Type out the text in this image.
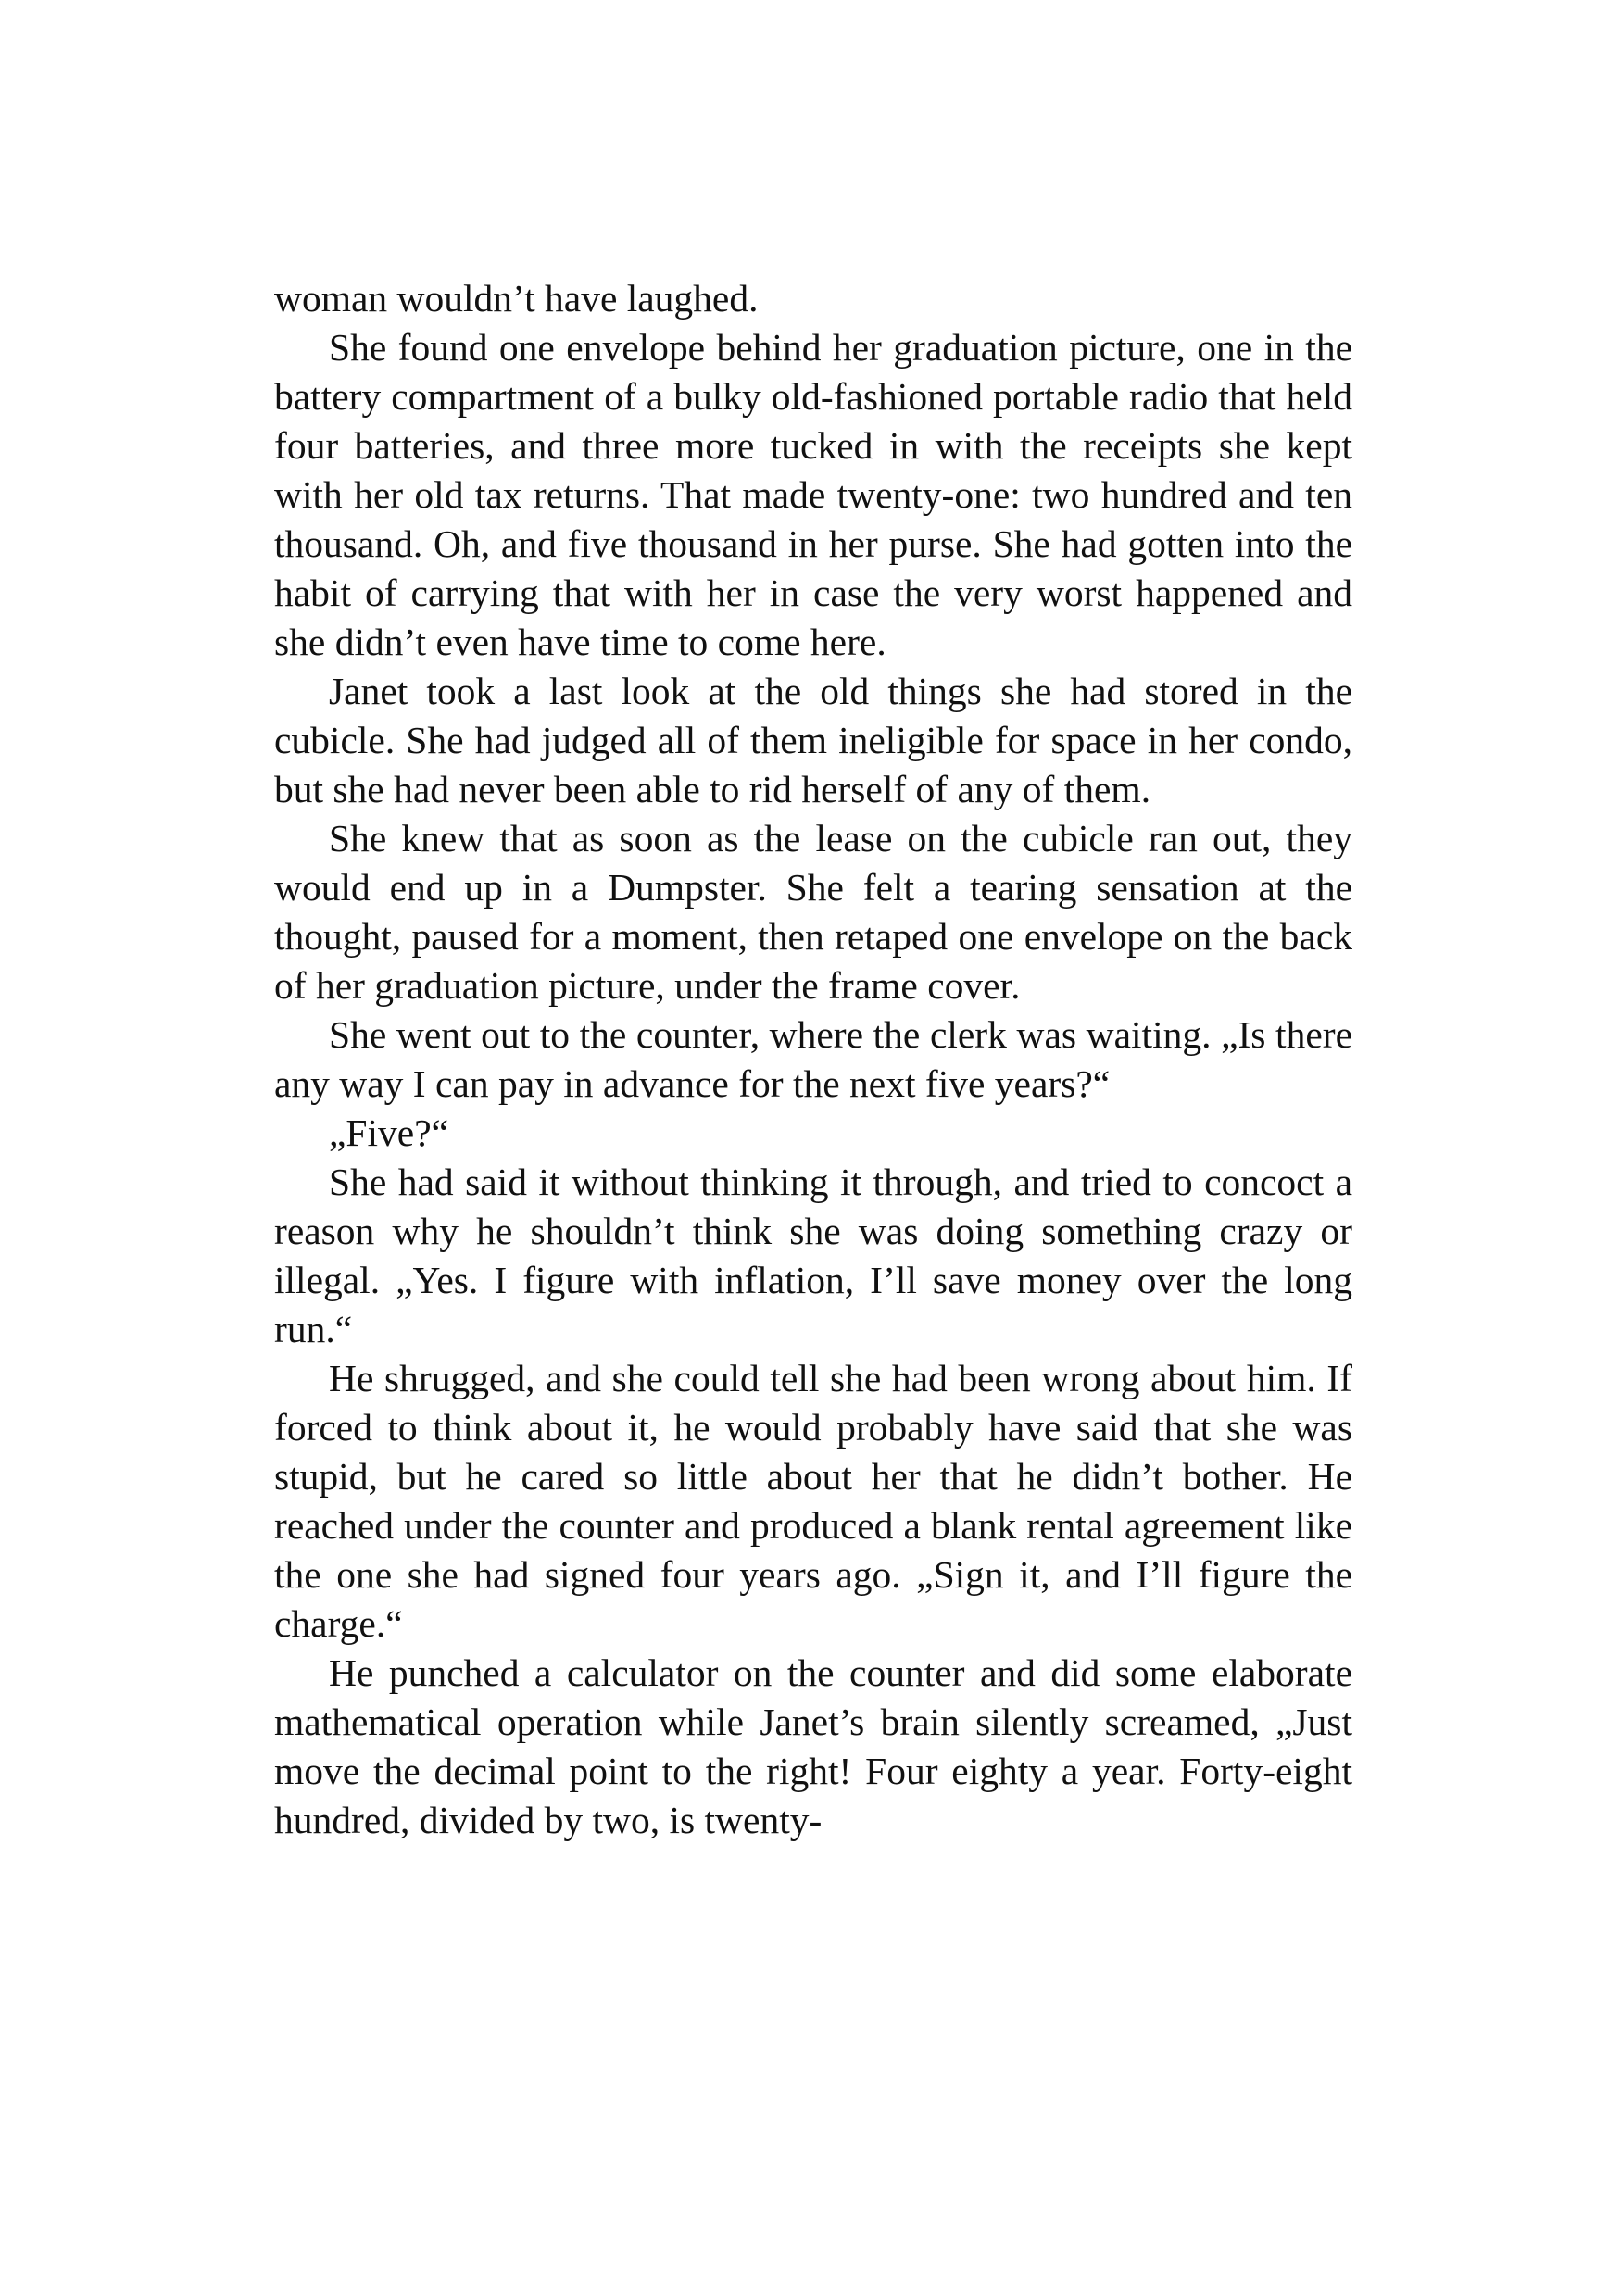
woman wouldn’t have laughed.

She found one envelope behind her graduation picture, one in the battery compartment of a bulky old-fashioned portable radio that held four batteries, and three more tucked in with the receipts she kept with her old tax returns. That made twenty-one: two hundred and ten thousand. Oh, and five thousand in her purse. She had gotten into the habit of carrying that with her in case the very worst happened and she didn’t even have time to come here.

Janet took a last look at the old things she had stored in the cubicle. She had judged all of them ineligible for space in her condo, but she had never been able to rid herself of any of them.

She knew that as soon as the lease on the cubicle ran out, they would end up in a Dumpster. She felt a tearing sensation at the thought, paused for a moment, then retaped one envelope on the back of her graduation picture, under the frame cover.

She went out to the counter, where the clerk was waiting. „Is there any way I can pay in advance for the next five years?“

„Five?“

She had said it without thinking it through, and tried to concoct a reason why he shouldn’t think she was doing something crazy or illegal. „Yes. I figure with inflation, I’ll save money over the long run.“

He shrugged, and she could tell she had been wrong about him. If forced to think about it, he would probably have said that she was stupid, but he cared so little about her that he didn’t bother. He reached under the counter and produced a blank rental agreement like the one she had signed four years ago. „Sign it, and I’ll figure the charge.“

He punched a calculator on the counter and did some elaborate mathematical operation while Janet’s brain silently screamed, „Just move the decimal point to the right! Four eighty a year. Forty-eight hundred, divided by two, is twenty-
